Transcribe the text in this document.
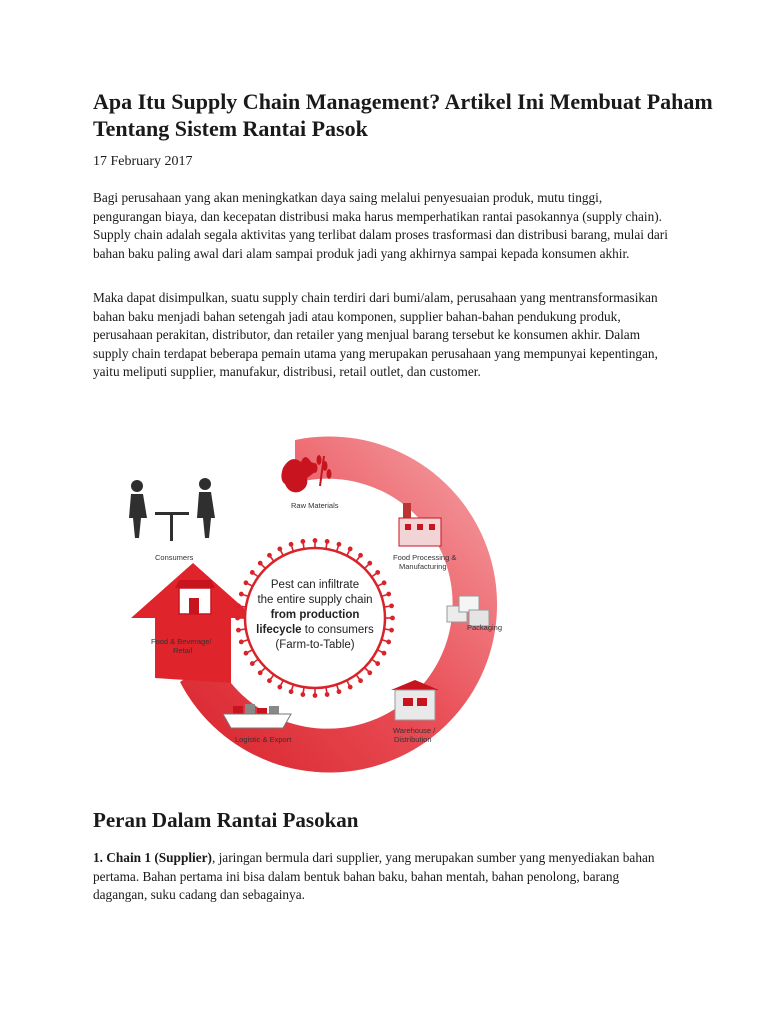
Apa Itu Supply Chain Management? Artikel Ini Membuat Paham Tentang Sistem Rantai Pasok

17 February 2017

Bagi perusahaan yang akan meningkatkan daya saing melalui penyesuaian produk, mutu tinggi, pengurangan biaya, dan kecepatan distribusi maka harus memperhatikan rantai pasokannya (supply chain). Supply chain adalah segala aktivitas yang terlibat dalam proses trasformasi dan distribusi barang, mulai dari bahan baku paling awal dari alam sampai produk jadi yang akhirnya sampai kepada konsumen akhir.

Maka dapat disimpulkan, suatu supply chain terdiri dari bumi/alam, perusahaan yang mentransformasikan bahan baku menjadi bahan setengah jadi atau komponen, supplier bahan-bahan pendukung produk, perusahaan perakitan, distributor, dan retailer yang menjual barang tersebut ke konsumen akhir. Dalam supply chain terdapat beberapa pemain utama yang merupakan perusahaan yang mempunyai kepentingan, yaitu meliputi supplier, manufakur, distribusi, retail outlet, dan customer.

Pest can infiltrate
the entire supply chain
from production
lifecycle to consumers
(Farm-to-Table)
Raw Materials
Food Processing &
Manufacturing
Packaging
Warehouse /
Distribution
Logistic & Export
Food & Beverage/
Retail
Consumers
Peran Dalam Rantai Pasokan

1. Chain 1 (Supplier), jaringan bermula dari supplier, yang merupakan sumber yang menyediakan bahan pertama. Bahan pertama ini bisa dalam bentuk bahan baku, bahan mentah, bahan penolong, barang dagangan, suku cadang dan sebagainya.
